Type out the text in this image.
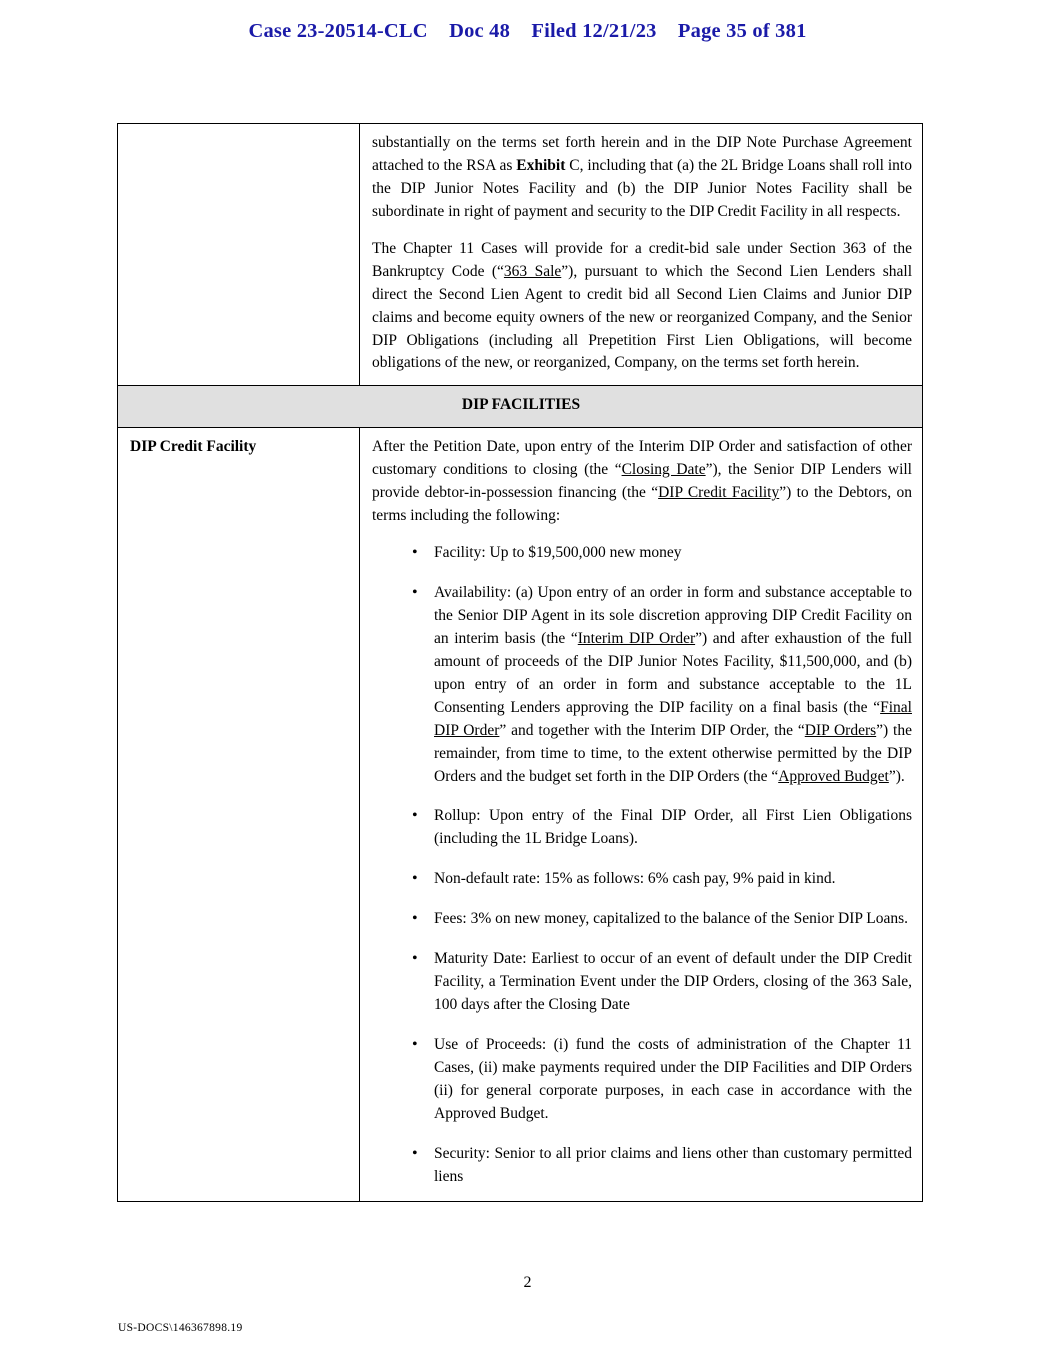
Case 23-20514-CLC    Doc 48    Filed 12/21/23    Page 35 of 381

	substantially on the terms set forth herein and in the DIP Note Purchase Agreement attached to the RSA as Exhibit C, including that (a) the 2L Bridge Loans shall roll into the DIP Junior Notes Facility and (b) the DIP Junior Notes Facility shall be subordinate in right of payment and security to the DIP Credit Facility in all respects.

The Chapter 11 Cases will provide for a credit-bid sale under Section 363 of the Bankruptcy Code (“363 Sale”), pursuant to which the Second Lien Lenders shall direct the Second Lien Agent to credit bid all Second Lien Claims and Junior DIP claims and become equity owners of the new or reorganized Company, and the Senior DIP Obligations (including all Prepetition First Lien Obligations, will become obligations of the new, or reorganized, Company, on the terms set forth herein.

DIP FACILITIES	
DIP Credit Facility	After the Petition Date, upon entry of the Interim DIP Order and satisfaction of other customary conditions to closing (the “Closing Date”), the Senior DIP Lenders will provide debtor-in-possession financing (the “DIP Credit Facility”) to the Debtors, on terms including the following:

• Facility: Up to $19,500,000 new money
• Availability: (a) Upon entry of an order in form and substance acceptable to the Senior DIP Agent in its sole discretion approving DIP Credit Facility on an interim basis (the “Interim DIP Order”) and after exhaustion of the full amount of proceeds of the DIP Junior Notes Facility, $11,500,000, and (b) upon entry of an order in form and substance acceptable to the 1L Consenting Lenders approving the DIP facility on a final basis (the “Final DIP Order” and together with the Interim DIP Order, the “DIP Orders”) the remainder, from time to time, to the extent otherwise permitted by the DIP Orders and the budget set forth in the DIP Orders (the “Approved Budget”).
• Rollup: Upon entry of the Final DIP Order, all First Lien Obligations (including the 1L Bridge Loans).
• Non-default rate: 15% as follows: 6% cash pay, 9% paid in kind.
• Fees: 3% on new money, capitalized to the balance of the Senior DIP Loans.
• Maturity Date: Earliest to occur of an event of default under the DIP Credit Facility, a Termination Event under the DIP Orders, closing of the 363 Sale, 100 days after the Closing Date
• Use of Proceeds: (i) fund the costs of administration of the Chapter 11 Cases, (ii) make payments required under the DIP Facilities and DIP Orders (ii) for general corporate purposes, in each case in accordance with the Approved Budget.
• Security: Senior to all prior claims and liens other than customary permitted liens
2
US-DOCS\146367898.19
